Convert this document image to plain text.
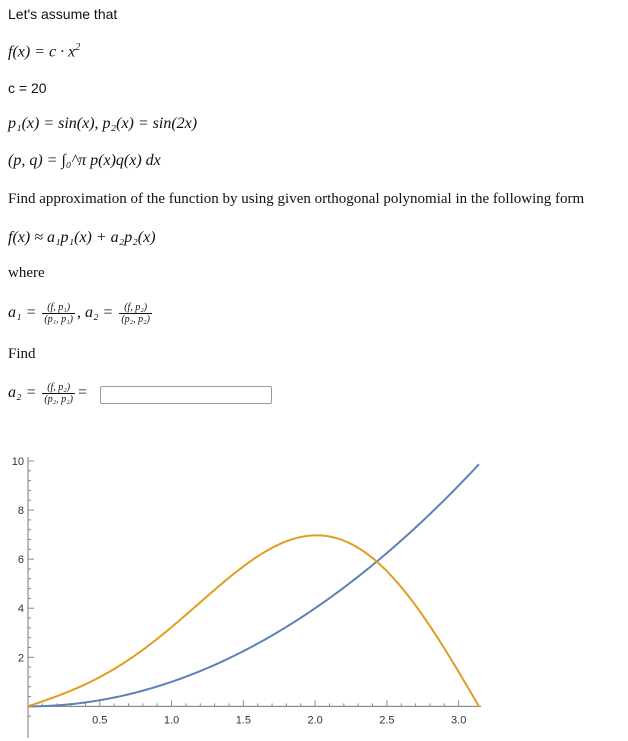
Let's assume that
$f(x) = c \cdot x^2$
c = 20
p₁(x) = sin(x), p₂(x) = sin(2x)
(p, q) = ∫₀^π p(x)q(x) dx
Find approximation of the function by using given orthogonal polynomial in the following form
f(x) ≈ a₁p₁(x) + a₂p₂(x)
where
$a_1 = \frac{\text{(f, p₁)}}{\text{(p₁, p₁)}}$ , $a_2 = \frac{\text{(f, p₂)}}{\text{(p₂, p₂)}}$
Find
$a_2 = \frac{\text{(f, p₂)}}{\text{(p₂, p₂)}}$ =
0.5	1.0	1.5	2.0	2.5	3.0
2
4
6
8
10
